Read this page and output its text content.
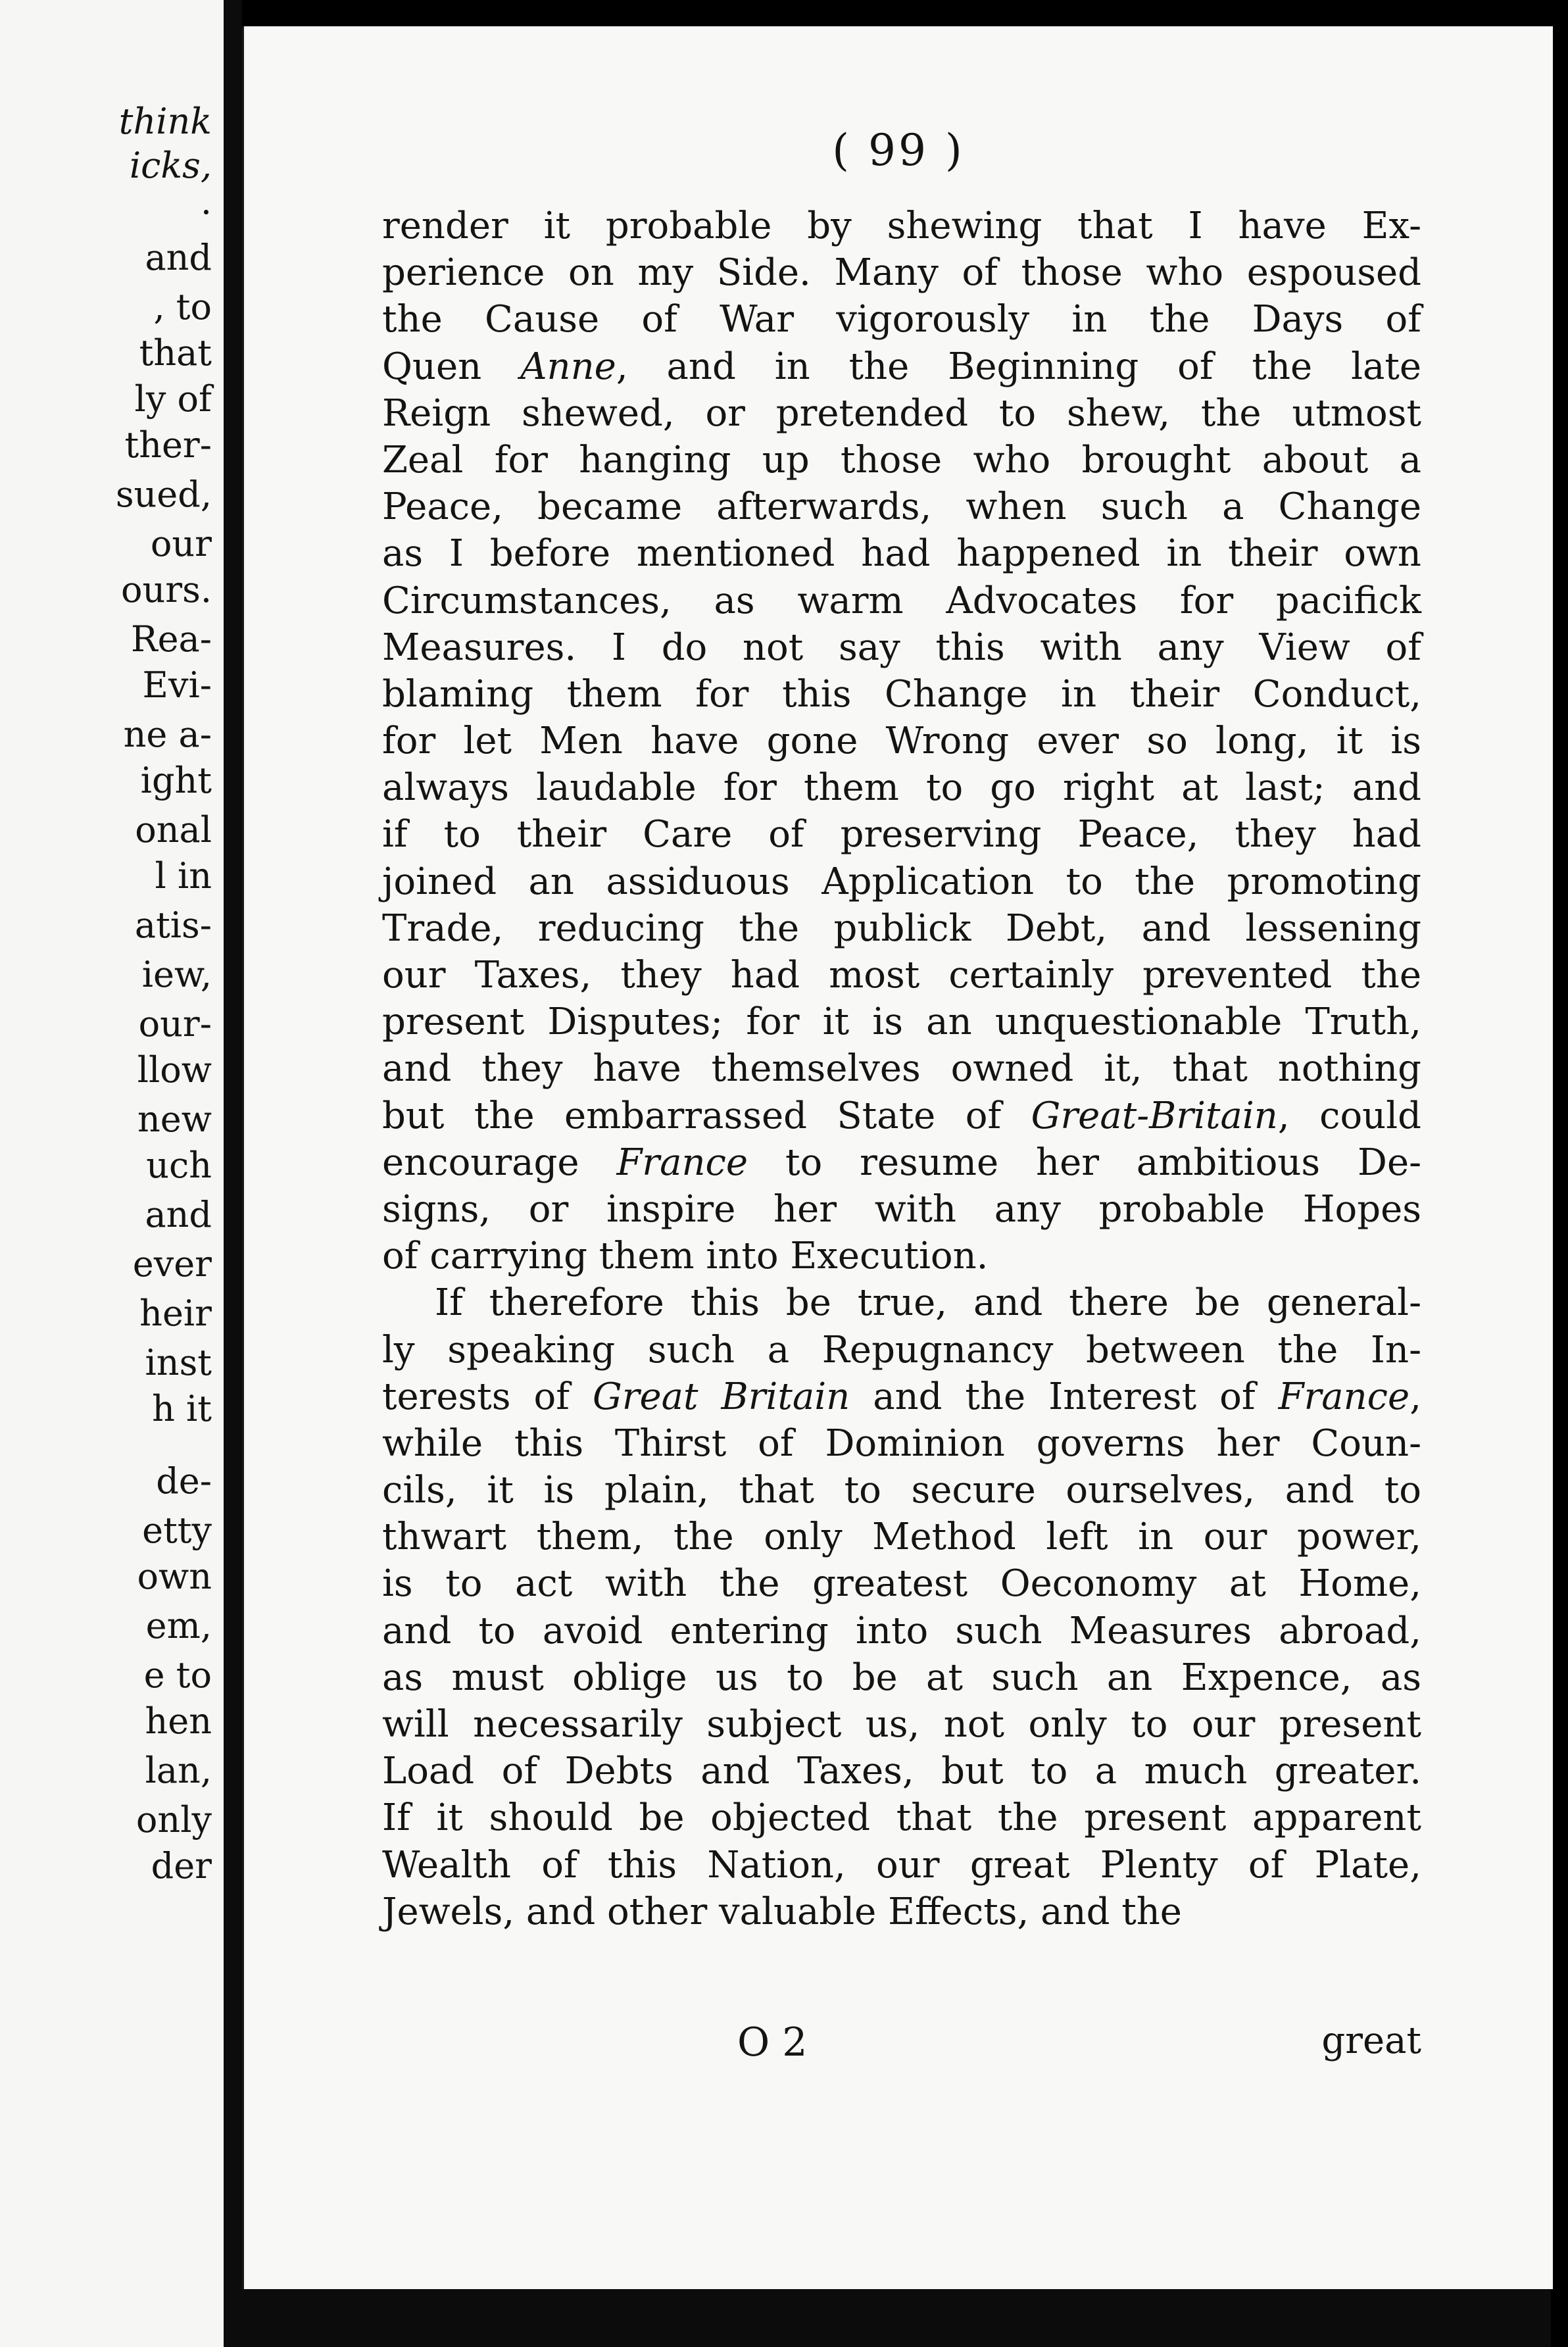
think
icks,
.
and
, to
that
ly of
ther-
sued,
our
ours.
Rea-
Evi-
ne a-
ight
onal
l in
atis-
iew,
our-
llow
new
uch
and
ever
heir
inst
h it
de-
etty
own
em,
e to
hen
lan,
only
der
( 99 )
render it probable by shewing that I have Ex-
perience on my Side. Many of those who espoused
the Cause of War vigorously in the Days of
Quen Anne, and in the Beginning of the late
Reign shewed, or pretended to shew, the utmost
Zeal for hanging up those who brought about a
Peace, became afterwards, when such a Change
as I before mentioned had happened in their own
Circumstances, as warm Advocates for pacifick
Measures. I do not say this with any View of
blaming them for this Change in their Conduct,
for let Men have gone Wrong ever so long, it is
always laudable for them to go right at last; and
if to their Care of preserving Peace, they had
joined an assiduous Application to the promoting
Trade, reducing the publick Debt, and lessening
our Taxes, they had most certainly prevented the
present Disputes; for it is an unquestionable Truth,
and they have themselves owned it, that nothing
but the embarrassed State of Great-Britain, could
encourage France to resume her ambitious De-
signs, or inspire her with any probable Hopes
of carrying them into Execution.
If therefore this be true, and there be general-
ly speaking such a Repugnancy between the In-
terests of Great Britain and the Interest of France,
while this Thirst of Dominion governs her Coun-
cils, it is plain, that to secure ourselves, and to
thwart them, the only Method left in our power,
is to act with the greatest Oeconomy at Home,
and to avoid entering into such Measures abroad,
as must oblige us to be at such an Expence, as
will necessarily subject us, not only to our present
Load of Debts and Taxes, but to a much greater.
If it should be objected that the present apparent
Wealth of this Nation, our great Plenty of Plate,
Jewels, and other valuable Effects, and the
O 2	great
